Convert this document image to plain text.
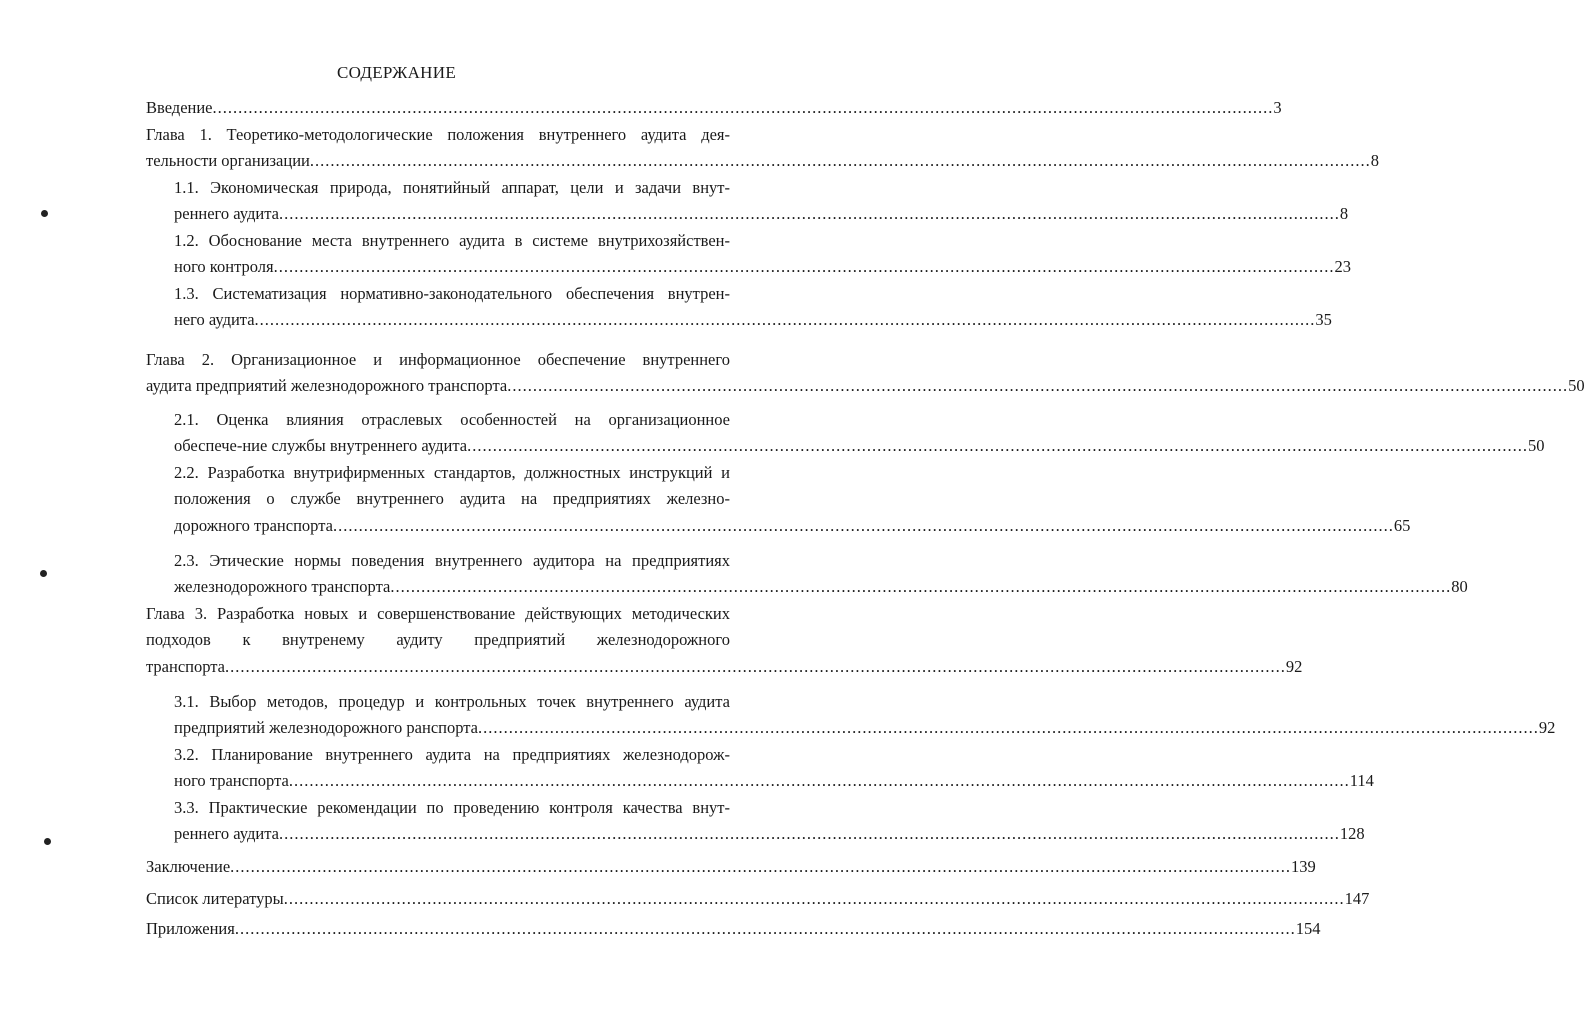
СОДЕРЖАНИЕ
Введение .....	3
Глава 1. Теоретико-методологические положения внутреннего аудита дея-
тельности организации .....	8
1.1. Экономическая природа, понятийный аппарат, цели и задачи внут-
реннего аудита .....	8
1.2. Обоснование места внутреннего аудита в системе внутрихозяйствен-
ного контроля .....	23
1.3. Систематизация нормативно-законодательного обеспечения внутрен-
него аудита .....	35
Глава 2. Организационное и информационное обеспечение внутреннего
аудита предприятий железнодорожного транспорта .....	50
2.1. Оценка влияния отраслевых особенностей на организационное
обеспече-ние службы внутреннего аудита .....	50
2.2. Разработка внутрифирменных стандартов, должностных инструкций и
положения о службе внутреннего аудита на предприятиях железно-
дорожного транспорта .....	65
2.3. Этические нормы поведения внутреннего аудитора на предприятиях
железнодорожного транспорта .....	80
Глава 3. Разработка новых и совершенствование действующих методических
подходов к внутренему аудиту предприятий железнодорожного
транспорта .....	92
3.1. Выбор методов, процедур и контрольных точек внутреннего аудита
предприятий железнодорожного ранспорта .....	92
3.2. Планирование внутреннего аудита на предприятиях железнодорож-
ного транспорта .....	114
3.3. Практические рекомендации по проведению контроля качества внут-
реннего аудита .....	128
Заключение .....	139
Список литературы .....	147
Приложения .....	154
